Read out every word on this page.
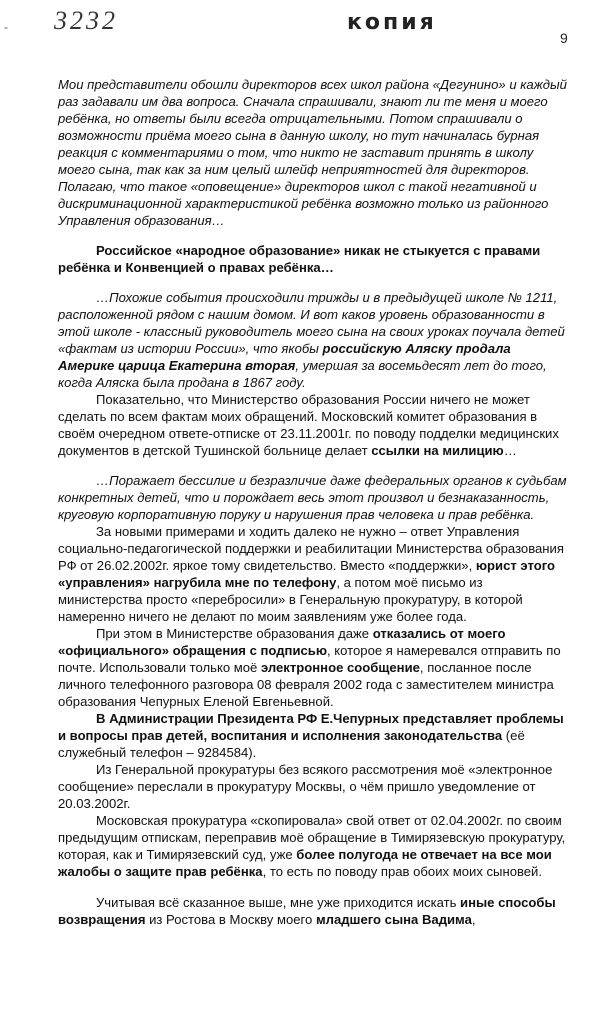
- 3232	копия
9

Мои представители обошли директоров всех школ района «Дегунино» и каждый раз задавали им два вопроса. Сначала спрашивали, знают ли те меня и моего ребёнка, но ответы были всегда отрицательными. Потом спрашивали о возможности приёма моего сына в данную школу, но тут начиналась бурная реакция с комментариями о том, что никто не заставит принять в школу моего сына, так как за ним целый шлейф неприятностей для директоров. Полагаю, что такое «оповещение» директоров школ с такой негативной и дискриминационной характеристикой ребёнка возможно только из районного Управления образования…

Российское «народное образование» никак не стыкуется с правами ребёнка и Конвенцией о правах ребёнка…

…Похожие события происходили трижды и в предыдущей школе № 1211, расположенной рядом с нашим домом. И вот каков уровень образованности в этой школе - классный руководитель моего сына на своих уроках поучала детей «фактам из истории России», что якобы российскую Аляску продала Америке царица Екатерина вторая, умершая за восемьдесят лет до того, когда Аляска была продана в 1867 году.

Показательно, что Министерство образования России ничего не может сделать по всем фактам моих обращений. Московский комитет образования в своём очередном ответе-отписке от 23.11.2001г. по поводу подделки медицинских документов в детской Тушинской больнице делает ссылки на милицию…

…Поражает бессилие и безразличие даже федеральных органов к судьбам конкретных детей, что и порождает весь этот произвол и безнаказанность, круговую корпоративную поруку и нарушения прав человека и прав ребёнка.

За новыми примерами и ходить далеко не нужно – ответ Управления социально-педагогической поддержки и реабилитации Министерства образования РФ от 26.02.2002г. яркое тому свидетельство. Вместо «поддержки», юрист этого «управления» нагрубила мне по телефону, а потом моё письмо из министерства просто «перебросили» в Генеральную прокуратуру, в которой намеренно ничего не делают по моим заявлениям уже более года.

При этом в Министерстве образования даже отказались от моего «официального» обращения с подписью, которое я намеревался отправить по почте. Использовали только моё электронное сообщение, посланное после личного телефонного разговора 08 февраля 2002 года с заместителем министра образования Чепурных Еленой Евгеньевной.

В Администрации Президента РФ Е.Чепурных представляет проблемы и вопросы прав детей, воспитания и исполнения законодательства (её служебный телефон – 9284584).

Из Генеральной прокуратуры без всякого рассмотрения моё «электронное сообщение» переслали в прокуратуру Москвы, о чём пришло уведомление от 20.03.2002г.

Московская прокуратура «скопировала» свой ответ от 02.04.2002г. по своим предыдущим отпискам, переправив моё обращение в Тимирязевскую прокуратуру, которая, как и Тимирязевский суд, уже более полугода не отвечает на все мои жалобы о защите прав ребёнка, то есть по поводу прав обоих моих сыновей.

Учитывая всё сказанное выше, мне уже приходится искать иные способы возвращения из Ростова в Москву моего младшего сына Вадима,
